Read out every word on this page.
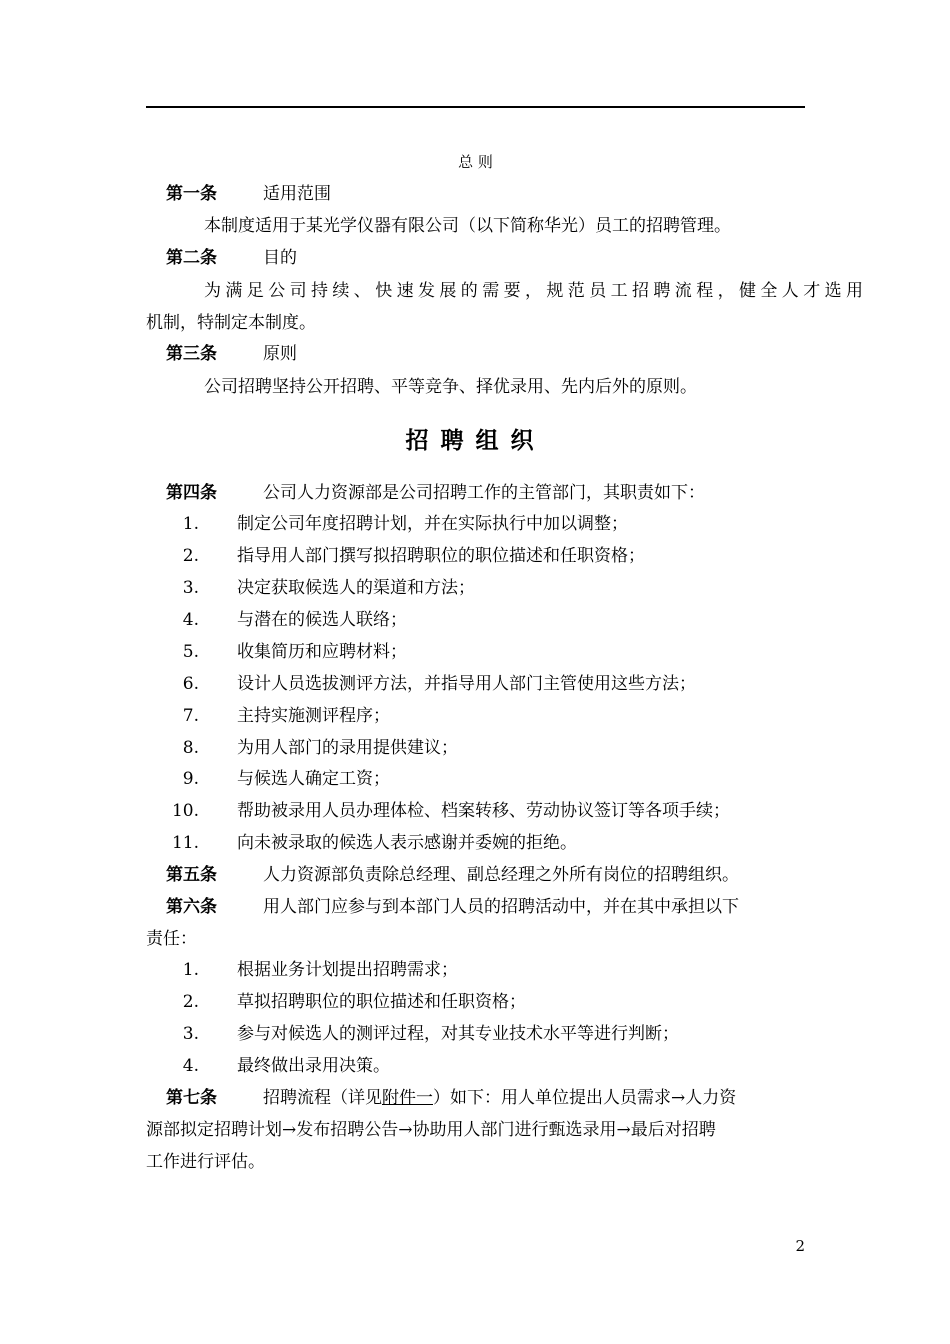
总 则
第一条	适用范围
本制度适用于某光学仪器有限公司（以下简称华光）员工的招聘管理。
第二条	目的
为满足公司持续、快速发展的需要，规范员工招聘流程，健全人才选用
机制，特制定本制度。
第三条	原则
公司招聘坚持公开招聘、平等竞争、择优录用、先内后外的原则。
招聘组织
第四条	公司人力资源部是公司招聘工作的主管部门，其职责如下：
1. 制定公司年度招聘计划，并在实际执行中加以调整；
2. 指导用人部门撰写拟招聘职位的职位描述和任职资格；
3. 决定获取候选人的渠道和方法；
4. 与潜在的候选人联络；
5. 收集简历和应聘材料；
6. 设计人员选拔测评方法，并指导用人部门主管使用这些方法；
7. 主持实施测评程序；
8. 为用人部门的录用提供建议；
9. 与候选人确定工资；
10. 帮助被录用人员办理体检、档案转移、劳动协议签订等各项手续；
11. 向未被录取的候选人表示感谢并委婉的拒绝。
第五条	人力资源部负责除总经理、副总经理之外所有岗位的招聘组织。
第六条	用人部门应参与到本部门人员的招聘活动中，并在其中承担以下
责任：
1. 根据业务计划提出招聘需求；
2. 草拟招聘职位的职位描述和任职资格；
3. 参与对候选人的测评过程，对其专业技术水平等进行判断；
4. 最终做出录用决策。
第七条	招聘流程（详见附件一）如下：用人单位提出人员需求→人力资
源部拟定招聘计划→发布招聘公告→协助用人部门进行甄选录用→最后对招聘
工作进行评估。
2
